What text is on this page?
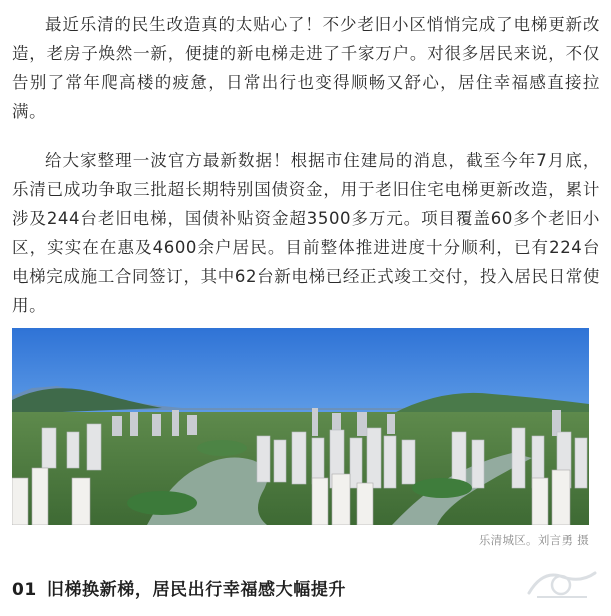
最近乐清的民生改造真的太贴心了！不少老旧小区悄悄完成了电梯更新改造，老房子焕然一新，便捷的新电梯走进了千家万户。对很多居民来说，不仅告别了常年爬高楼的疲惫，日常出行也变得顺畅又舒心，居住幸福感直接拉满。

给大家整理一波官方最新数据！根据市住建局的消息，截至今年7月底，乐清已成功争取三批超长期特别国债资金，用于老旧住宅电梯更新改造，累计涉及244台老旧电梯，国债补贴资金超3500多万元。项目覆盖60多个老旧小区，实实在在惠及4600余户居民。目前整体推进进度十分顺利，已有224台电梯完成施工合同签订，其中62台新电梯已经正式竣工交付，投入居民日常使用。

乐清城区。刘言勇 摄
01 旧梯换新梯，居民出行幸福感大幅提升
